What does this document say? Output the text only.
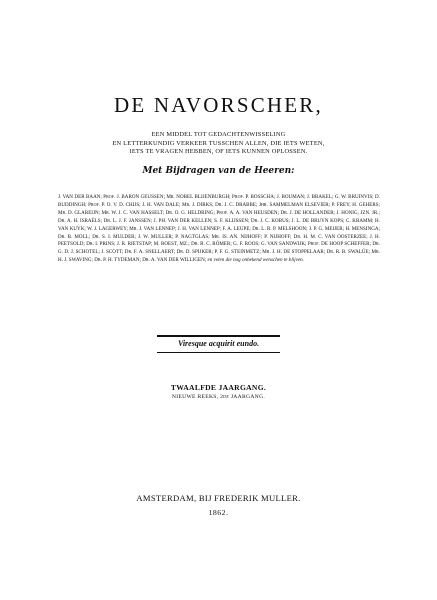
DE NAVORSCHER,
EEN MIDDEL TOT GEDACHTENWISSELING
EN LETTERKUNDIG VERKEER TUSSCHEN ALLEN, DIE IETS WETEN,
IETS TE VRAGEN HEBBEN, OF IETS KUNNEN OPLOSSEN.
Met Bijdragen van de Heeren:
J. VAN DER BAAN; Prof. J. BARON GEUSSEN; Mr. NOBEL BLIJENBURGH; Prof. P. BOSSCHA; J. BOUMAN; J. BRAKEL; G. W. BRUINVIS; D. BUDDINGH; Prof. P. O. V. D. CHIJS; J. H. VAN DALE; Mr. J. DIRKS; Dr. J. C. DRABBE; Jhr. SAMMELMAN ELSEVIER; P. FREY; H. GEHERS; Mr. D. GLAREIJN; Mr. W. J. C. VAN HASSELT; Dr. O. G. HELDRING; Prof. A. A. VAN HEUSDEN; Dr. J. DE HOLLANDER; J. HONIG, JZN. JR.; Dr. A. H. ISRAËLS; Dr. L. J. F. JANSSEN; J. PH. VAN DER KELLEN; S. F. KLIJSSEN; Dr. J. C. KOBUS; J. L. DE BRUYN KOPS; C. KRAMM; H. VAN KUYK; W. J. LAGERWEY; Mr. J. VAN LENNEP; J. H. VAN LENNEP; F. A. LEUPE; Dr. L. R. P. MELSHOON; J. P. G. MEIJER; H. MENSINGA; Dr. B. MOLL; Dr. S. I. MULDER; J. W. MULLER; P. NAGTGLAS; Mr. IS. AN. NIJHOFF; P. NIJHOFF; Dr. H. M. C. VAN OOSTERZEE; J. H. PEETSOLD; Dr. I. PRINS; J. R. RIETSTAP; M. ROEST, MZ.; Dr. R. C. RÖMER; G. F. ROOS; G. VAN SANDWIJK; Prof. DE HOOP SCHEFFER; Dr. G. D. J. SCHOTEL; J. SCOTT; Dr. F. A. SNELLAERT; Dr. D. SPIJKER; P. F. G. STEINMETZ; Mr. J. H. DE STOPPELAAR; Dr. R. B. SWALÜE; Mr. H. J. SWAVING; Dr. P. H. TYDEMAN; Dr. A. VAN DER WILLIGEN; en velen die nog onbekend wenschen te blijven.
Viresque acquirit eundo.
TWAALFDE JAARGANG.
NIEUWE REEKS, 2de JAARGANG.
AMSTERDAM, BIJ FREDERIK MULLER.
1862.
